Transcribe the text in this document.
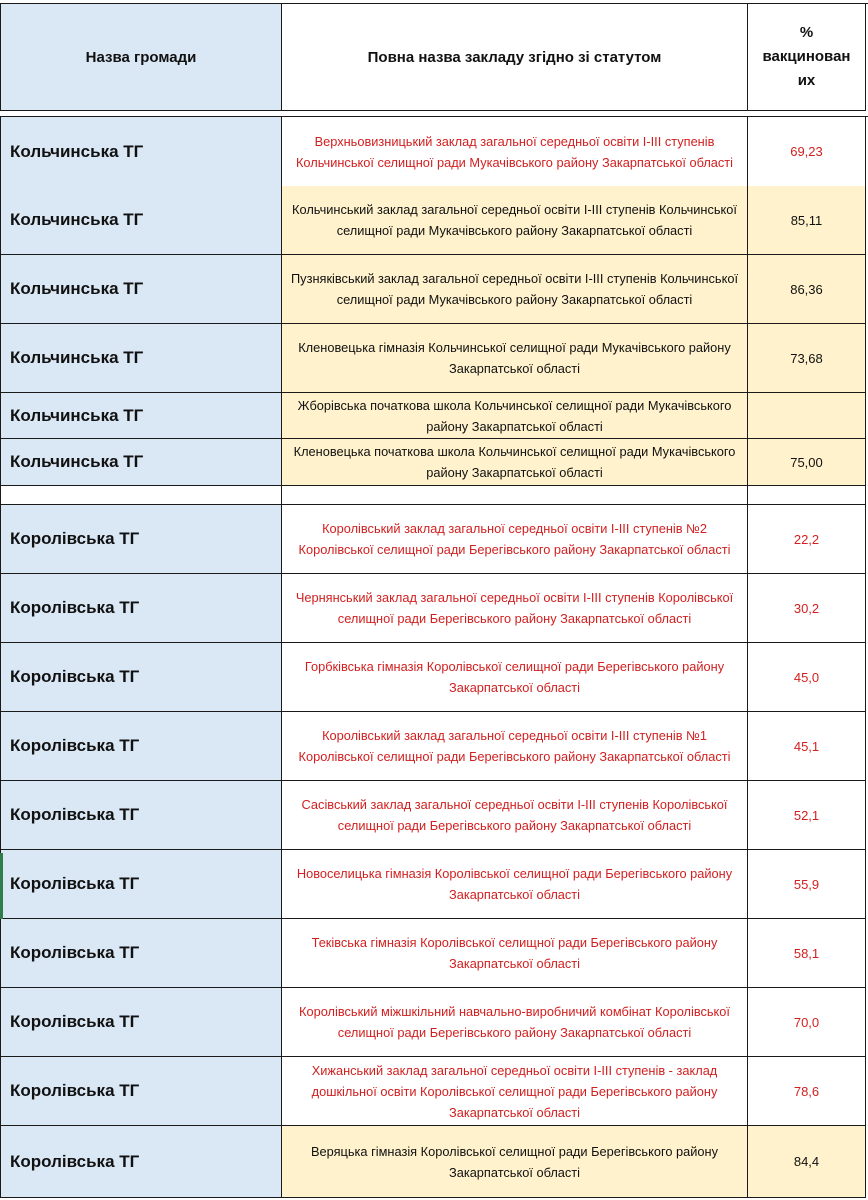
Назва громади	Повна назва закладу згідно зі статутом
%
вакцинован
их
Кольчинська ТГ
Верхньовизницький заклад загальної середньої освіти І-ІІІ ступенів Кольчинської селищної ради Мукачівського району Закарпатської області
69,23
Кольчинська ТГ
Кольчинський заклад загальної середньої освіти І-ІІІ ступенів Кольчинської селищної ради Мукачівського району Закарпатської області
85,11
Кольчинська ТГ
Пузняківський заклад загальної середньої освіти І-ІІІ ступенів Кольчинської селищної ради Мукачівського району Закарпатської області
86,36
Кольчинська ТГ
Кленовецька гімназія Кольчинської селищної ради Мукачівського району Закарпатської області
73,68
Кольчинська ТГ
Жборівська початкова школа Кольчинської селищної ради Мукачівського району Закарпатської області
Кольчинська ТГ
Кленовецька початкова школа Кольчинської селищної ради Мукачівського району Закарпатської області
75,00
Королівська ТГ
Королівський заклад загальної середньої освіти І-ІІІ ступенів №2 Королівської селищної ради Берегівського району Закарпатської області
22,2
Королівська ТГ
Чернянський заклад загальної середньої освіти І-ІІІ ступенів Королівської селищної ради Берегівського району Закарпатської області
30,2
Королівська ТГ
Горбківська гімназія Королівської селищної ради Берегівського району Закарпатської області
45,0
Королівська ТГ
Королівський заклад загальної середньої освіти І-ІІІ ступенів №1 Королівської селищної ради Берегівського району Закарпатської області
45,1
Королівська ТГ
Сасівський заклад загальної середньої освіти І-ІІІ ступенів Королівської селищної ради Берегівського району Закарпатської області
52,1
Королівська ТГ
Новоселицька гімназія Королівської селищної ради Берегівського району Закарпатської області
55,9
Королівська ТГ
Теківська гімназія Королівської селищної ради Берегівського району Закарпатської області
58,1
Королівська ТГ
Королівський міжшкільний навчально-виробничий комбінат Королівської селищної ради Берегівського району Закарпатської області
70,0
Королівська ТГ
Хижанський заклад загальної середньої освіти І-ІІІ ступенів - заклад дошкільної освіти Королівської селищної ради Берегівського району Закарпатської області
78,6
Королівська ТГ
Веряцька гімназія Королівської селищної ради Берегівського району Закарпатської області
84,4
